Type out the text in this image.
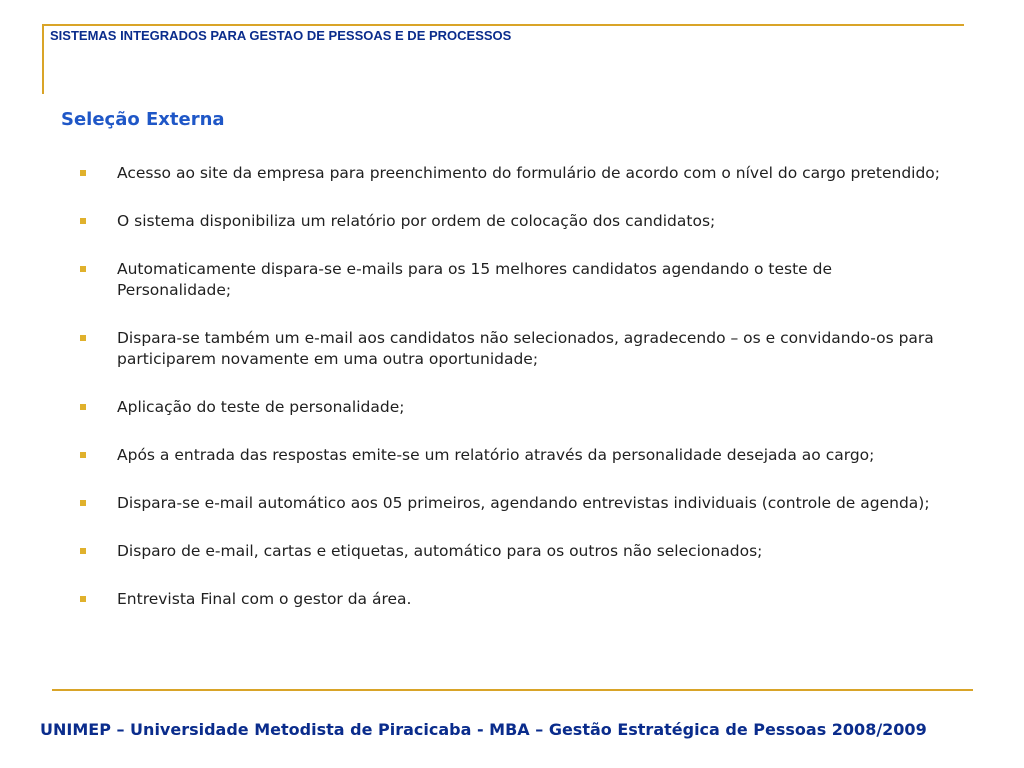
SISTEMAS INTEGRADOS PARA GESTAO DE PESSOAS E DE PROCESSOS
Seleção Externa
Acesso ao site da empresa para preenchimento do formulário de acordo com o nível do cargo pretendido;
O sistema disponibiliza um relatório por ordem de colocação dos candidatos;
Automaticamente dispara-se e-mails para os 15 melhores candidatos agendando o teste de Personalidade;
Dispara-se também um e-mail aos candidatos não selecionados, agradecendo – os e convidando-os para participarem novamente em uma outra oportunidade;
Aplicação do teste de personalidade;
Após a entrada das respostas emite-se um relatório através da personalidade desejada ao cargo;
Dispara-se e-mail automático aos 05 primeiros, agendando entrevistas individuais (controle de agenda);
Disparo de e-mail, cartas e etiquetas, automático para os outros não selecionados;
Entrevista Final com o gestor da área.
UNIMEP – Universidade Metodista de Piracicaba - MBA – Gestão Estratégica de Pessoas 2008/2009
